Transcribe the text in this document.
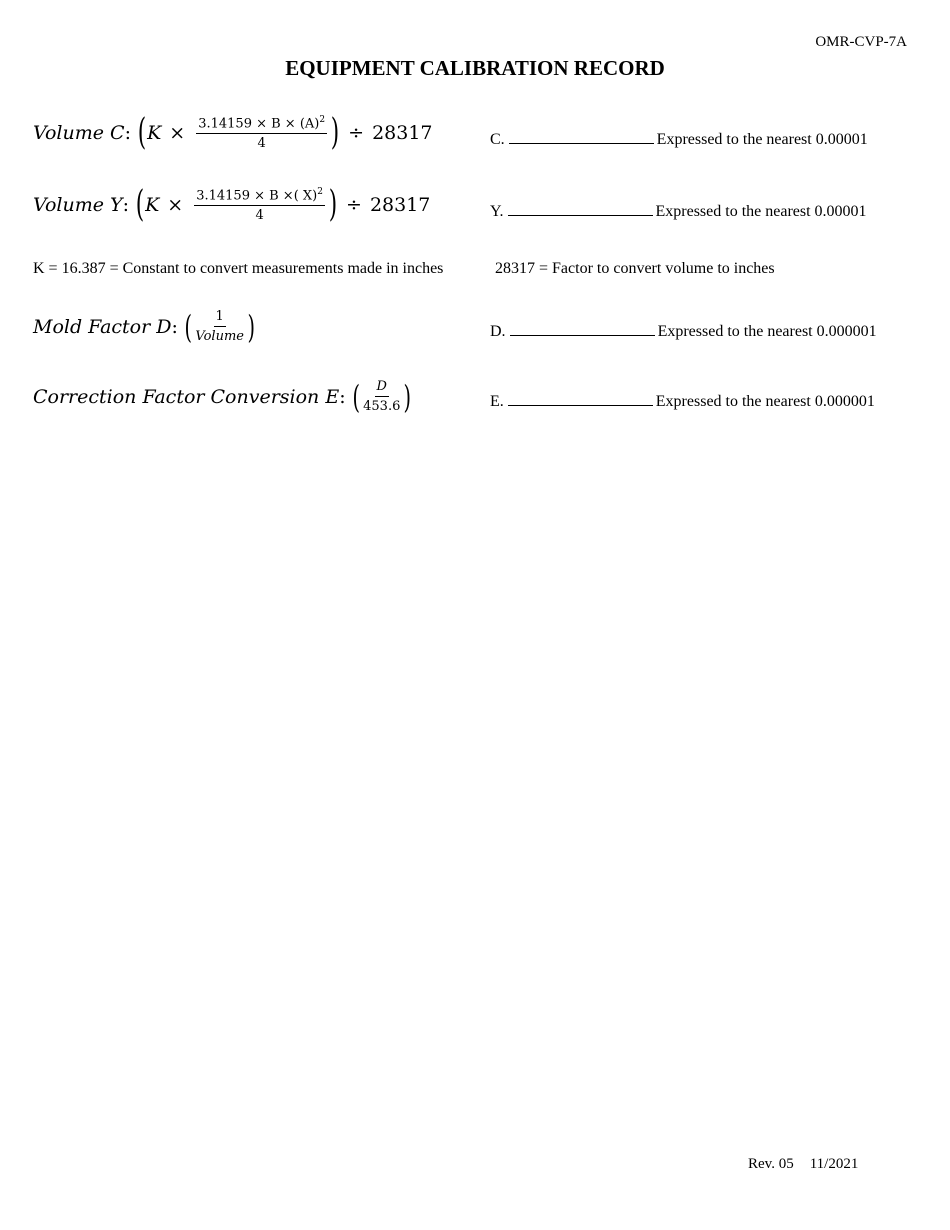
OMR-CVP-7A
EQUIPMENT CALIBRATION RECORD
Volume C : ( $K \times \frac{3.14159 \times B \times (A)^2}{4}$ ) ÷ 28317	C.	Expressed to the nearest 0.00001
Volume Y : ( $K \times \frac{3.14159 \times B \times( X)^2}{4}$ ) ÷ 28317	Y.	Expressed to the nearest 0.00001
K = 16.387 = Constant to convert measurements made in inches	28317 = Factor to convert volume to inches
Mold Factor D : ( $\frac{1}{\text{Volume}}$ )	D.	Expressed to the nearest 0.000001
Correction Factor Conversion E : ( $\frac{D}{453.6}$ )	E.	Expressed to the nearest 0.000001
Rev. 05 11/2021
